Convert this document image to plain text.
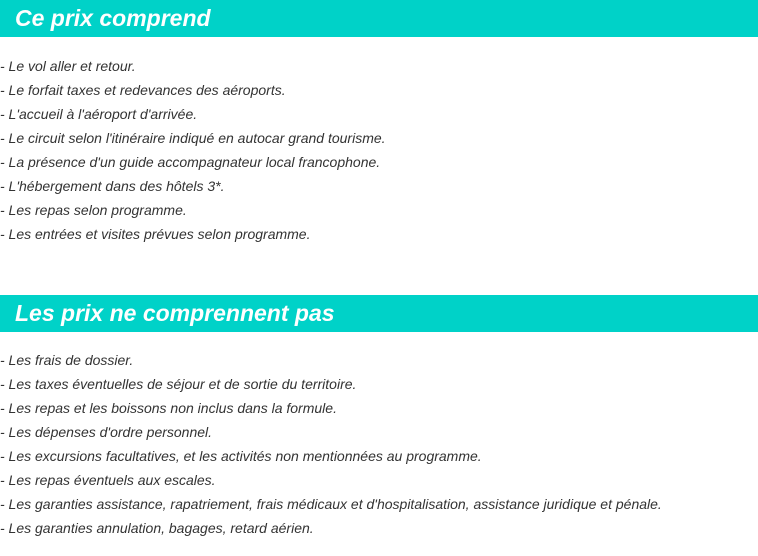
Ce prix comprend
- Le vol aller et retour.
- Le forfait taxes et redevances des aéroports.
- L'accueil à l'aéroport d'arrivée.
- Le circuit selon l'itinéraire indiqué en autocar grand tourisme.
- La présence d'un guide accompagnateur local francophone.
- L'hébergement dans des hôtels 3*.
- Les repas selon programme.
- Les entrées et visites prévues selon programme.
Les prix ne comprennent pas
- Les frais de dossier.
- Les taxes éventuelles de séjour et de sortie du territoire.
- Les repas et les boissons non inclus dans la formule.
- Les dépenses d'ordre personnel.
- Les excursions facultatives, et les activités non mentionnées au programme.
- Les repas éventuels aux escales.
- Les garanties assistance, rapatriement, frais médicaux et d'hospitalisation, assistance juridique et pénale.
- Les garanties annulation, bagages, retard aérien.
